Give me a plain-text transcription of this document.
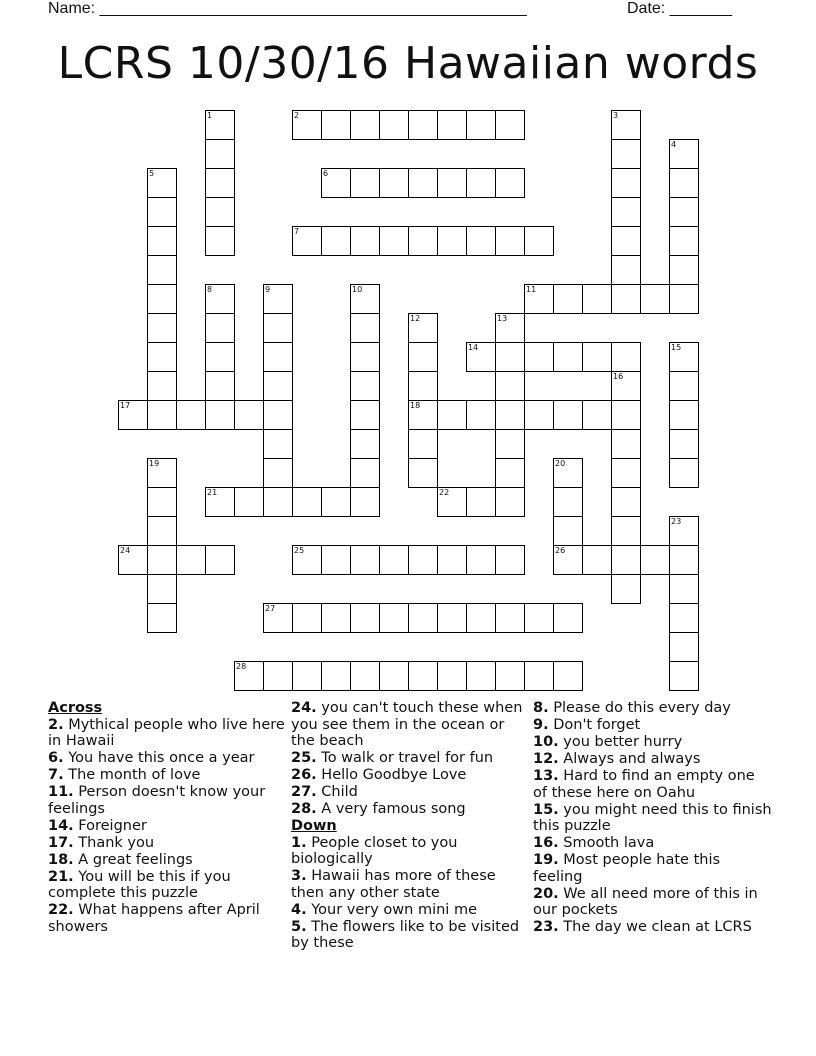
Name: ________________________________________________	Date: _______
LCRS 10/30/16 Hawaiian words
1	2	3
4
5	6
7
8	9	10	11
12
18
13
14	15
16
17
19	20
26
21	22
23
24	25
27
28
Across
2. Mythical people who live here in Hawaii
6. You have this once a year
7. The month of love
11. Person doesn't know your feelings
14. Foreigner
17. Thank you
18. A great feelings
21. You will be this if you complete this puzzle
22. What happens after April showers
24. you can't touch these when you see them in the ocean or the beach
25. To walk or travel for fun
26. Hello Goodbye Love
27. Child
28. A very famous song
Down
1. People closet to you biologically
3. Hawaii has more of these then any other state
4. Your very own mini me
5. The flowers like to be visited by these
8. Please do this every day
9. Don't forget
10. you better hurry
12. Always and always
13. Hard to find an empty one of these here on Oahu
15. you might need this to finish this puzzle
16. Smooth lava
19. Most people hate this feeling
20. We all need more of this in our pockets
23. The day we clean at LCRS
